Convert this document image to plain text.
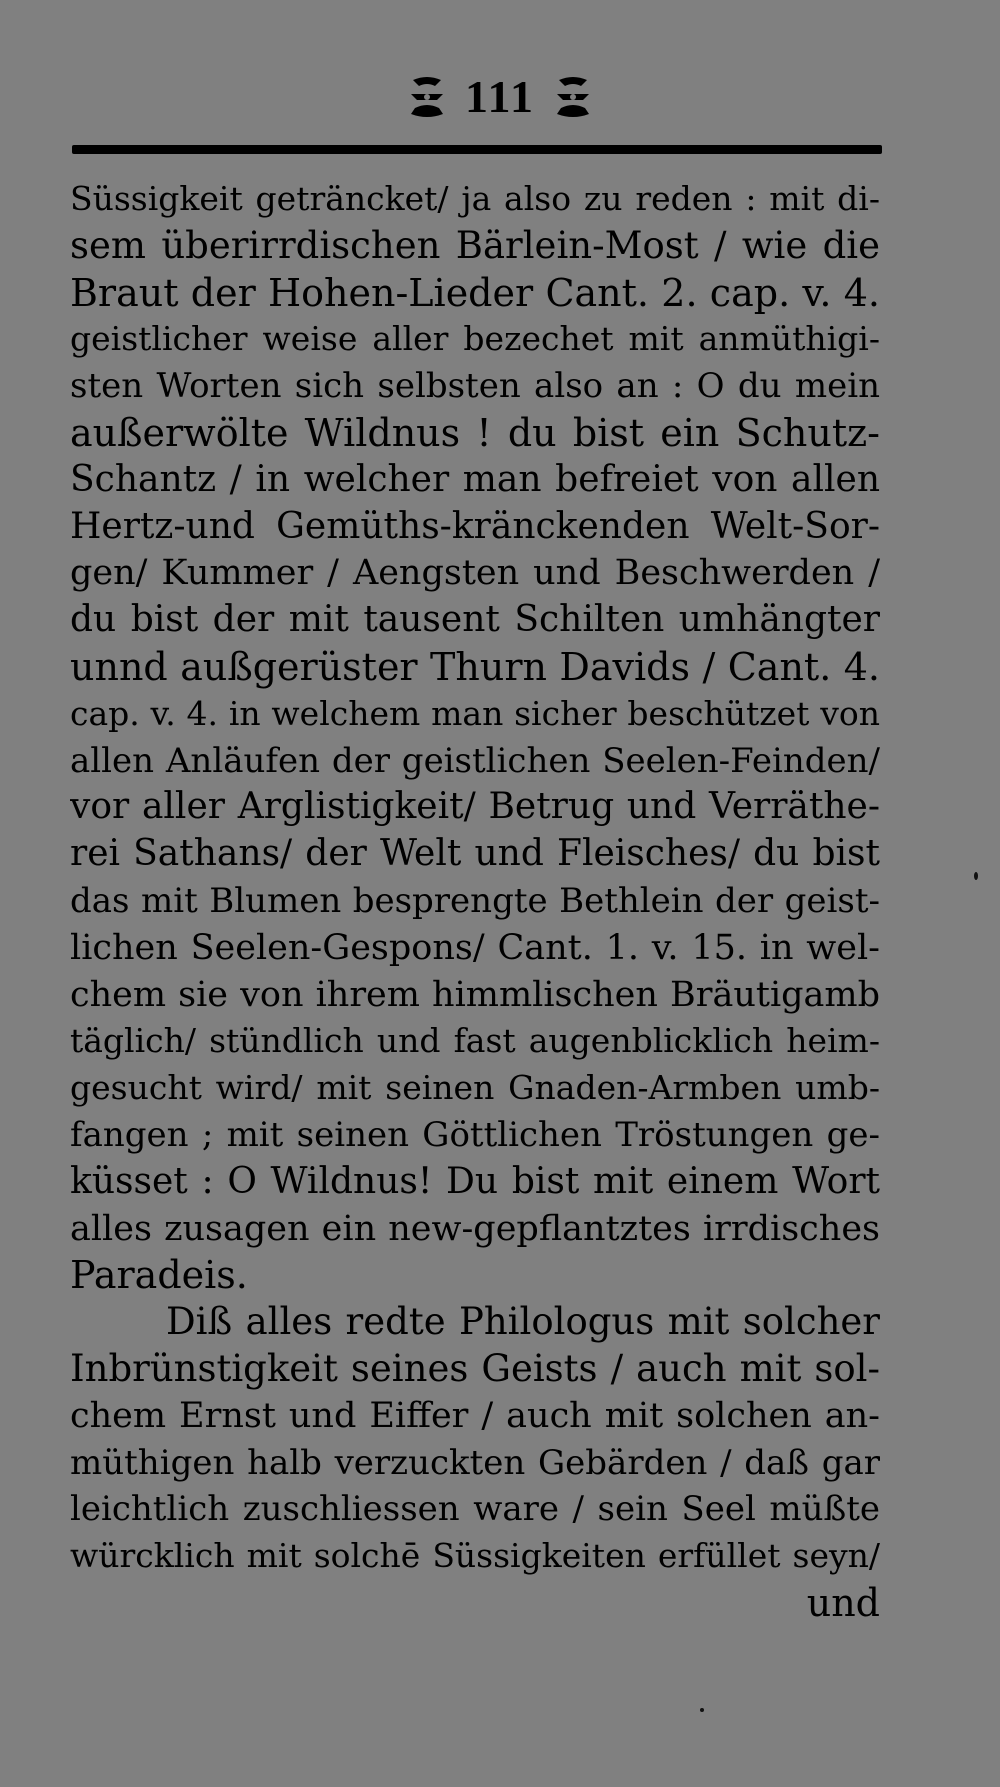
111
Süssigkeit geträncket/ ja also zu reden : mit di-
sem überirrdischen Bärlein-Most / wie die
Braut der Hohen-Lieder Cant. 2. cap. v. 4.
geistlicher weise aller bezechet mit anmüthigi-
sten Worten sich selbsten also an : O du mein
außerwölte Wildnus ! du bist ein Schutz-
Schantz / in welcher man befreiet von allen
Hertz-und Gemüths-kränckenden Welt-Sor-
gen/ Kummer / Aengsten und Beschwerden /
du bist der mit tausent Schilten umhängter
unnd außgerüster Thurn Davids / Cant. 4.
cap. v. 4. in welchem man sicher beschützet von
allen Anläufen der geistlichen Seelen-Feinden/
vor aller Arglistigkeit/ Betrug und Verräthe-
rei Sathans/ der Welt und Fleisches/ du bist
das mit Blumen besprengte Bethlein der geist-
lichen Seelen-Gespons/ Cant. 1. v. 15. in wel-
chem sie von ihrem himmlischen Bräutigamb
täglich/ stündlich und fast augenblicklich heim-
gesucht wird/ mit seinen Gnaden-Armben umb-
fangen ; mit seinen Göttlichen Tröstungen ge-
küsset : O Wildnus! Du bist mit einem Wort
alles zusagen ein new-gepflantztes irrdisches
Paradeis.
Diß alles redte Philologus mit solcher
Inbrünstigkeit seines Geists / auch mit sol-
chem Ernst und Eiffer / auch mit solchen an-
müthigen halb verzuckten Gebärden / daß gar
leichtlich zuschliessen ware / sein Seel müßte
würcklich mit solchē Süssigkeiten erfüllet seyn/
und
